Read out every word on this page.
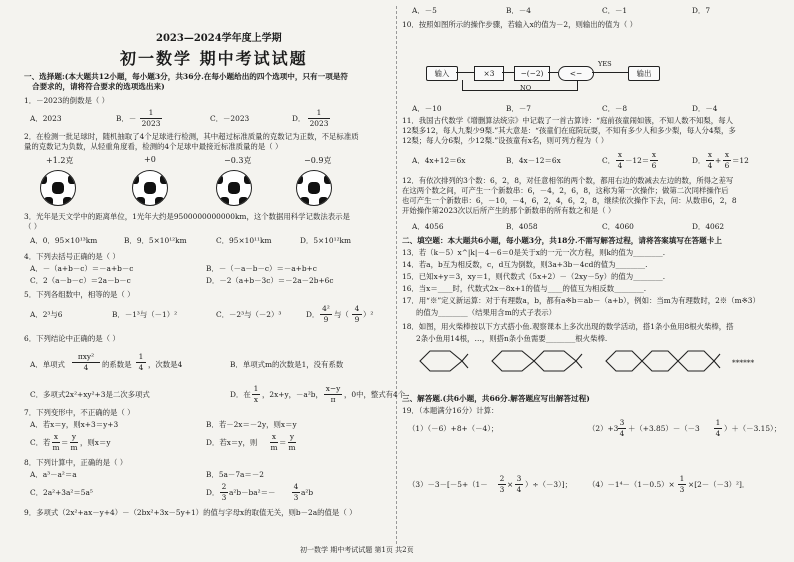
2023—2024学年度上学期
初一数学 期中考试试题
一、选择题:(本大题共12小题，每小题3分，共36分.在每小题给出的四个选项中，只有一项是符
合要求的，请将符合要求的选项选出来)
1．－2023的倒数是（ ）
A．2023	B．－
1
2023
C．－2023	D．
1
2023
2．在检测一批足球时，随机抽取了4个足球进行检测，其中超过标准质量的克数记为正数，不足标准质
量的克数记为负数，从轻重角度看，检测的4个足球中最接近标准质量的是（ ）
+1.2克	+0	−0.3克	−0.9克
3．光年是天文学中的距离单位，1光年大约是9500000000000km，这个数据用科学记数法表示是
（ ）
A．0．95×10¹³km	B．9．5×10¹²km	C．95×10¹¹km	D．5×10¹²km
4．下列去括号正确的是（ ）
A．－（a+b－c）＝－a+b－c	B．－（－a－b－c）＝－a+b+c
C．2（a－b－c）＝2a－b－c	D．－2（a+b－3c）＝－2a－2b+6c
5．下列各组数中，相等的是（ ）
A．2³与6	B．－1³与（－1）²	C．－2³与（－2）³	D．
4²
9
与（
4
9
）²
6．下列结论中正确的是（ ）
A．单项式
πxy²
4	的系数是
1
4 ，次数是4	B．单项式m的次数是1，没有系数
C．多项式2x²+xy²+3是二次多项式	D．在
1
x
，2x+y，－a²b，
x−y
π
，0中，整式有4个
7．下列变形中，不正确的是（ ）
A．若x＝y，则x+3＝y+3	B．若－2x＝－2y，则x＝y
C．若
x
m
＝
y
m
，则x＝y	D．若x＝y，则
x
m
＝
y
m
8．下列计算中，正确的是（ ）
A．a³－a²＝a	B．5a－7a＝－2
C．2a²+3a²＝5a⁵	D．
2
3
a²b－ba²＝－
4
3
a²b
9．多项式（2x²+ax－y+4）－（2bx²+3x－5y+1）的值与字母x的取值无关，则b－2a的值是（ ）
A．－5	B．－4	C．－1	D．7
10．按照如图所示的操作步骤，若输入x的值为－2，则输出的值为（ ）
输入	×3	−(−2)	<−
YES
输出
NO
A．－10	B．－7	C．－8	D．－4
11．我国古代数学《增删算法统宗》中记载了一首古算诗：“庭前孩童闹如簇，不知人数不知梨，每人
12梨多12，每人九梨少9梨.”其大意是：“孩童们在庭院玩耍，不知有多少人和多少梨，每人分4梨，多
12梨；每人分6梨，少12梨.”设孩童有x名，则可列方程为（ ）
A．4x+12＝6x	B．4x－12＝6x	C．
x
4
－12＝
x
6
D．
x
4
+
x
6
＝12
12．有依次排列的3个数：6，2，8，对任意相邻的两个数，都用右边的数减去左边的数，所得之差写
在这两个数之间，可产生一个新数串：6，－4，2，6，8，这称为第一次操作；做第二次同样操作后
也可产生一个新数串：6，－10，－4，6，2，4，6，2，8，继续依次操作下去，问：从数串6，2，8
开始操作第2023次以后所产生的那个新数串的所有数之和是（ ）
A．4056	B．4058	C．4060	D．4062
二、填空题：本大题共6小题，每小题3分，共18分.不需写解答过程，请将答案填写在答题卡上
13．若（k－5）x^|k|－4－6＝0是关于x的一元一次方程，则k的值为________.
14．若a，b互为相反数，c，d互为倒数，则3a+3b－4cd的值为________.
15．已知x+y＝3，xy＝1，则代数式（5x+2）－（2xy－5y）的值为________.
16．当x＝____时，代数式2x－8x+1的值与____的值互为相反数________.
17．用“※”定义新运算：对于有理数a，b，都有a※b＝ab－（a+b），例如：当m为有理数时，2※（m※3）
的值为________（结果用含m的式子表示）
18．如图，用火柴棒按以下方式搭小鱼.观察课本上多次出现的数学活动，搭1条小鱼用8根火柴棒，搭
2条小鱼用14根，…，则搭n条小鱼需要________根火柴棒.
******
三、解答题.(共6小题，共66分.解答题应写出解答过程)
19．（本题满分16分）计算：
（1）（－6）+8+（－4）；	（2）+3
3
4
＋（+3.85）－（－3
1
4
）＋（－3.15）；
（3）－3－[－5+（1－
2
3
×
3
4
）÷（－3）]； （4）－1⁴－（1－0.5）×
1
3
×[2－（－3）²]．
初一数学 期中考试试题 第1页 共2页
